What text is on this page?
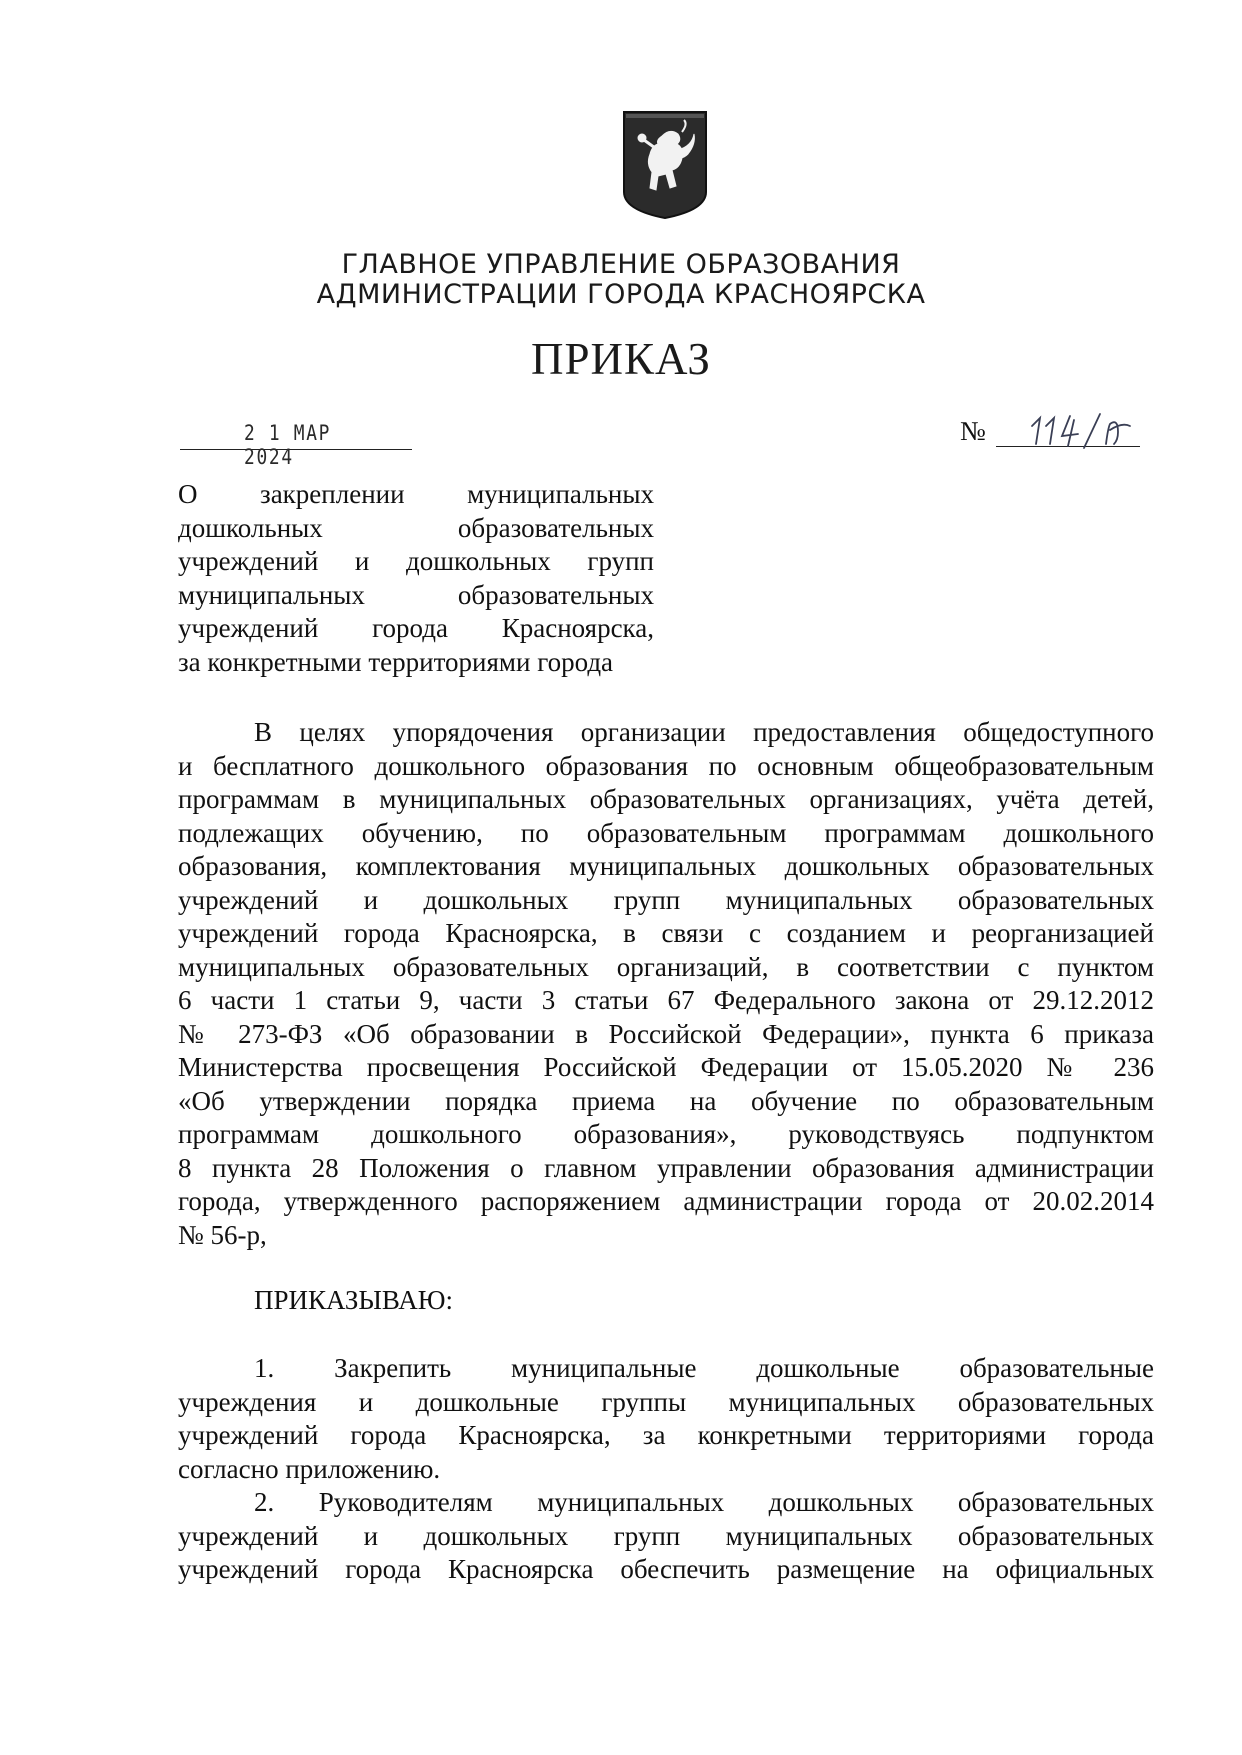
ГЛАВНОЕ УПРАВЛЕНИЕ ОБРАЗОВАНИЯ
АДМИНИСТРАЦИИ ГОРОДА КРАСНОЯРСКА
ПРИКАЗ
2 1 МАР 2024
№
О закреплении муниципальных
дошкольных образовательных
учреждений и дошкольных групп
муниципальных образовательных
учреждений города Красноярска,
за конкретными территориями города
В целях упорядочения организации предоставления общедоступного
и бесплатного дошкольного образования по основным общеобразовательным
программам в муниципальных образовательных организациях, учёта детей,
подлежащих обучению, по образовательным программам дошкольного
образования, комплектования муниципальных дошкольных образовательных
учреждений и дошкольных групп муниципальных образовательных
учреждений города Красноярска, в связи с созданием и реорганизацией
муниципальных образовательных организаций, в соответствии с пунктом
6 части 1 статьи 9, части 3 статьи 67 Федерального закона от 29.12.2012
№ 273-ФЗ «Об образовании в Российской Федерации», пункта 6 приказа
Министерства просвещения Российской Федерации от 15.05.2020 № 236
«Об утверждении порядка приема на обучение по образовательным
программам дошкольного образования», руководствуясь подпунктом
8 пункта 28 Положения о главном управлении образования администрации
города, утвержденного распоряжением администрации города от 20.02.2014
№ 56-р,
ПРИКАЗЫВАЮ:
1. Закрепить муниципальные дошкольные образовательные
учреждения и дошкольные группы муниципальных образовательных
учреждений города Красноярска, за конкретными территориями города
согласно приложению.
2. Руководителям муниципальных дошкольных образовательных
учреждений и дошкольных групп муниципальных образовательных
учреждений города Красноярска обеспечить размещение на официальных
